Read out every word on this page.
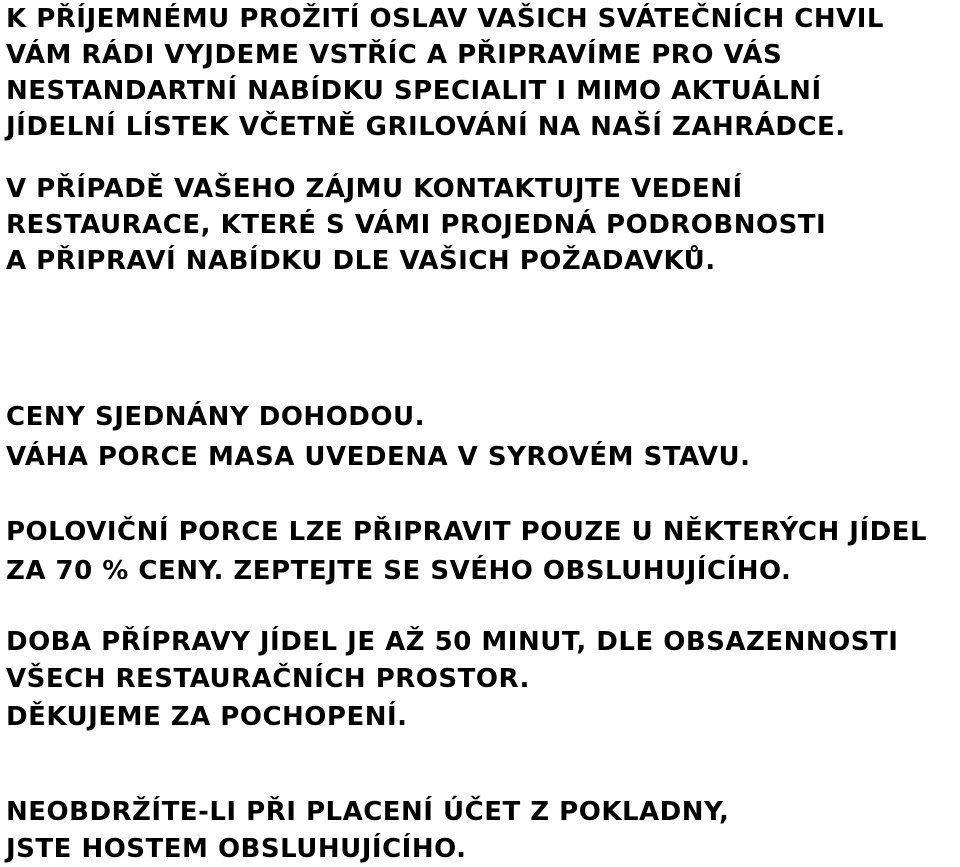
K PŘÍJEMNÉMU PROŽITÍ OSLAV VAŠICH SVÁTEČNÍCH CHVIL
VÁM RÁDI VYJDEME VSTŘÍC A PŘIPRAVÍME PRO VÁS
NESTANDARTNÍ NABÍDKU SPECIALIT I MIMO AKTUÁLNÍ
JÍDELNÍ LÍSTEK VČETNĚ GRILOVÁNÍ NA NAŠÍ ZAHRÁDCE.
V PŘÍPADĚ VAŠEHO ZÁJMU KONTAKTUJTE VEDENÍ
RESTAURACE, KTERÉ S VÁMI PROJEDNÁ PODROBNOSTI
A PŘIPRAVÍ NABÍDKU DLE VAŠICH POŽADAVKŮ.
CENY SJEDNÁNY DOHODOU.
VÁHA PORCE MASA UVEDENA V SYROVÉM STAVU.
POLOVIČNÍ PORCE LZE PŘIPRAVIT POUZE U NĚKTERÝCH JÍDEL
ZA 70 % CENY. ZEPTEJTE SE SVÉHO OBSLUHUJÍCÍHO.
DOBA PŘÍPRAVY JÍDEL JE AŽ 50 MINUT, DLE OBSAZENNOSTI
VŠECH RESTAURAČNÍCH PROSTOR.
DĚKUJEME ZA POCHOPENÍ.
NEOBDRŽÍTE-LI PŘI PLACENÍ ÚČET Z POKLADNY,
JSTE HOSTEM OBSLUHUJÍCÍHO.
